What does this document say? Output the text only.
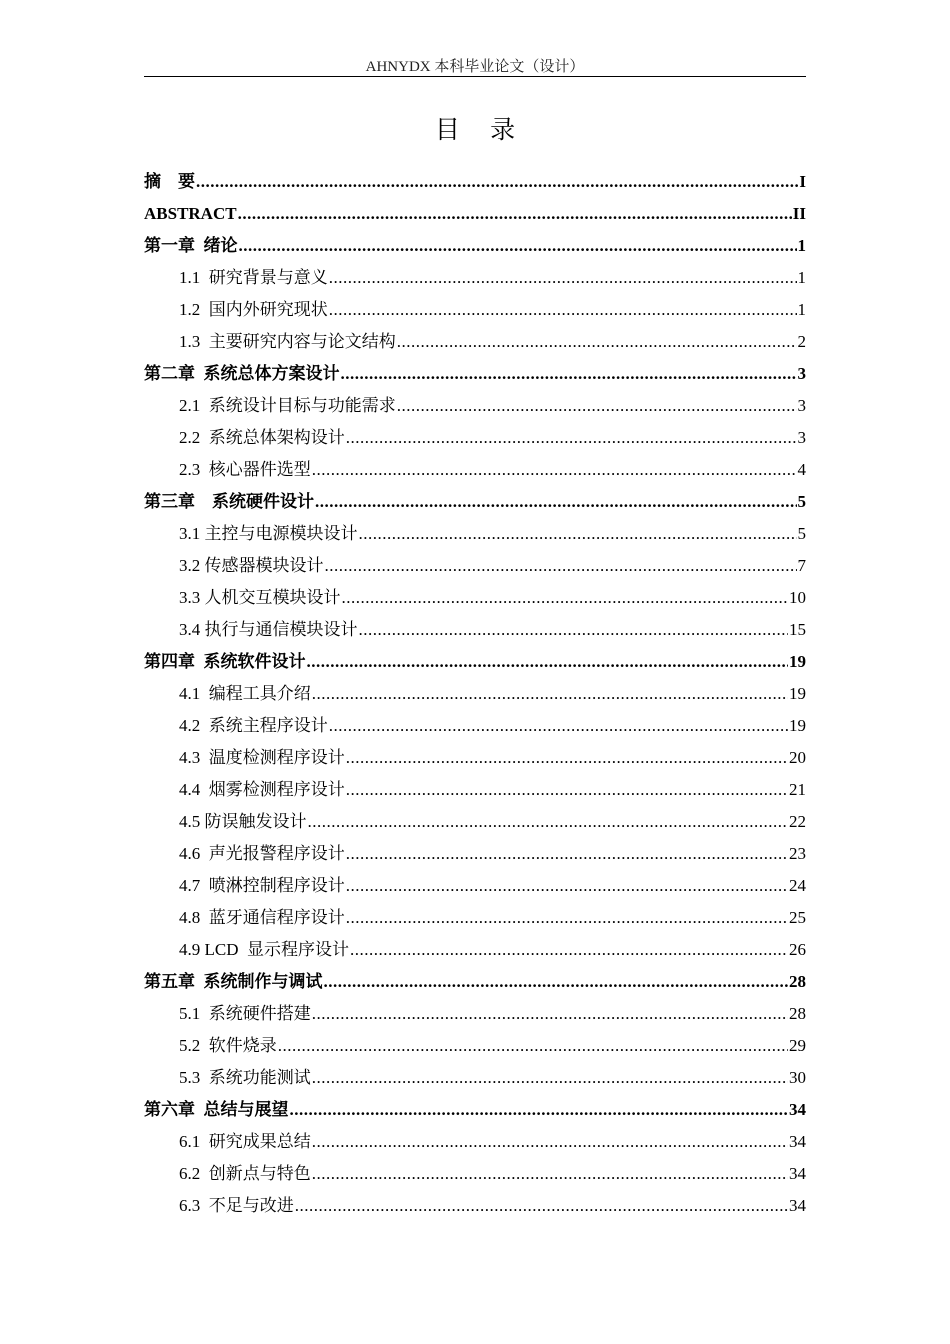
AHNYDX 本科毕业论文（设计）
目 录
摘    要 .....	I
ABSTRACT .....	II
第一章  绪论 .....	1
1.1  研究背景与意义 .....	1
1.2  国内外研究现状 .....	1
1.3  主要研究内容与论文结构 .....	2
第二章  系统总体方案设计 .....	3
2.1  系统设计目标与功能需求 .....	3
2.2  系统总体架构设计 .....	3
2.3  核心器件选型 .....	4
第三章    系统硬件设计 .....	5
3.1 主控与电源模块设计 .....	5
3.2 传感器模块设计 .....	7
3.3 人机交互模块设计 .....	10
3.4 执行与通信模块设计 .....	15
第四章  系统软件设计 .....	19
4.1  编程工具介绍 .....	19
4.2  系统主程序设计 .....	19
4.3  温度检测程序设计 .....	20
4.4  烟雾检测程序设计 .....	21
4.5 防误触发设计 .....	22
4.6  声光报警程序设计 .....	23
4.7  喷淋控制程序设计 .....	24
4.8  蓝牙通信程序设计 .....	25
4.9 LCD  显示程序设计 .....	26
第五章  系统制作与调试 .....	28
5.1  系统硬件搭建 .....	28
5.2  软件烧录 .....	29
5.3  系统功能测试 .....	30
第六章  总结与展望 .....	34
6.1  研究成果总结 .....	34
6.2  创新点与特色 .....	34
6.3  不足与改进 .....	34
